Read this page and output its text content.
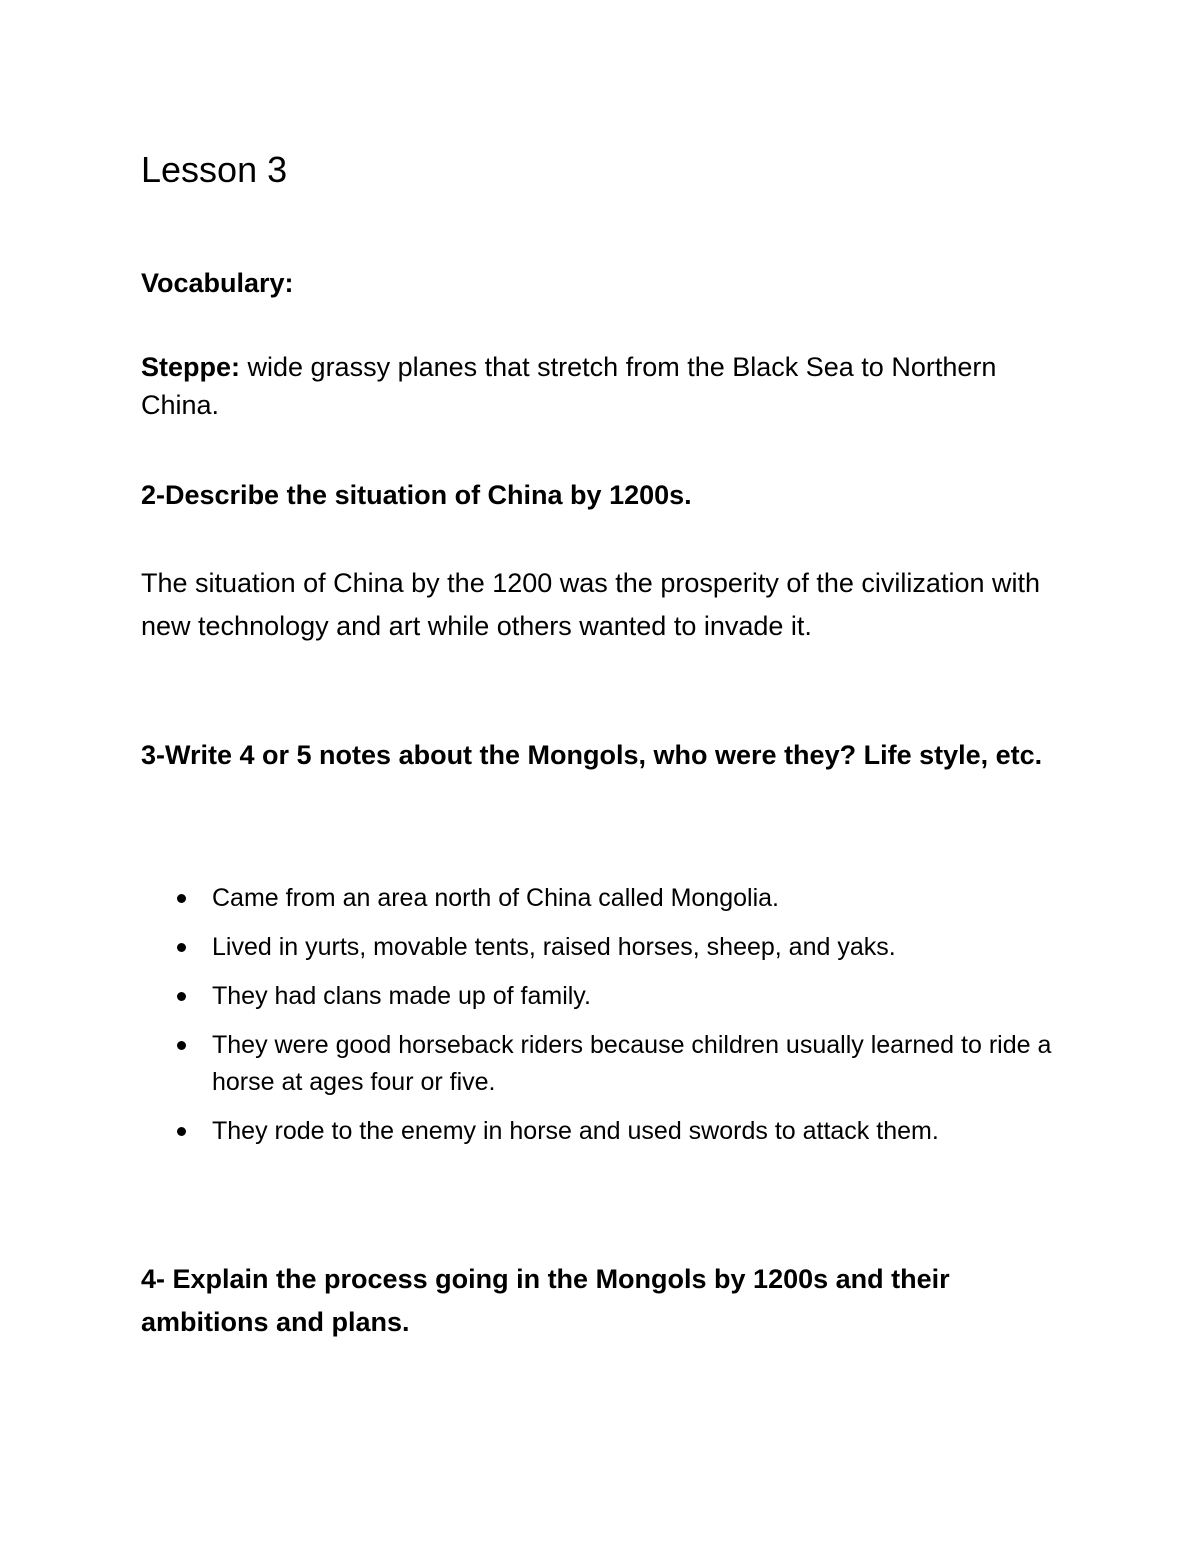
Lesson 3

Vocabulary:

Steppe: wide grassy planes that stretch from the Black Sea to Northern China.

2-Describe the situation of China by 1200s.

The situation of China by the 1200 was the prosperity of the civilization with new technology and art while others wanted to invade it.

3-Write 4 or 5 notes about the Mongols, who were they? Life style, etc.

Came from an area north of China called Mongolia.
Lived in yurts, movable tents, raised horses, sheep, and yaks.
They had clans made up of family.
They were good horseback riders because children usually learned to ride a horse at ages four or five.
They rode to the enemy in horse and used swords to attack them.

4- Explain the process going in the Mongols by 1200s and their ambitions and plans.
